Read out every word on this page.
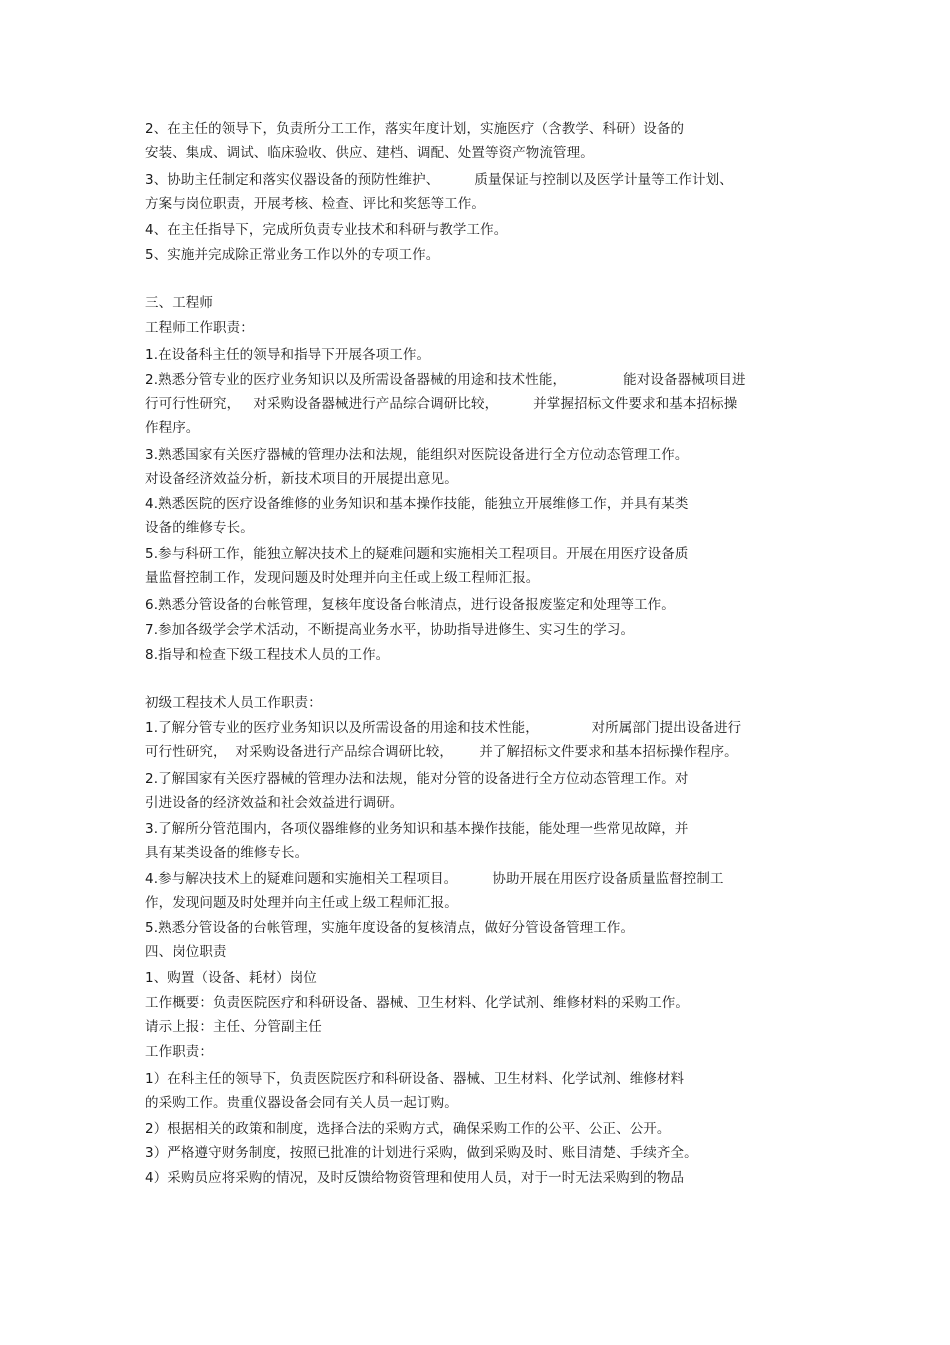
2、在主任的领导下，负责所分工工作，落实年度计划，实施医疗（含教学、科研）设备的
安装、集成、调试、临床验收、供应、建档、调配、处置等资产物流管理。
3、协助主任制定和落实仪器设备的预防性维护、        质量保证与控制以及医学计量等工作计划、
方案与岗位职责，开展考核、检查、评比和奖惩等工作。
4、在主任指导下，完成所负责专业技术和科研与教学工作。
5、实施并完成除正常业务工作以外的专项工作。
三、工程师
工程师工作职责：
1.在设备科主任的领导和指导下开展各项工作。
2.熟悉分管专业的医疗业务知识以及所需设备器械的用途和技术性能，             能对设备器械项目进
行可行性研究，   对采购设备器械进行产品综合调研比较，        并掌握招标文件要求和基本招标操
作程序。
3.熟悉国家有关医疗器械的管理办法和法规，能组织对医院设备进行全方位动态管理工作。
对设备经济效益分析，新技术项目的开展提出意见。
4.熟悉医院的医疗设备维修的业务知识和基本操作技能，能独立开展维修工作，并具有某类
设备的维修专长。
5.参与科研工作，能独立解决技术上的疑难问题和实施相关工程项目。开展在用医疗设备质
量监督控制工作，发现问题及时处理并向主任或上级工程师汇报。
6.熟悉分管设备的台帐管理，复核年度设备台帐清点，进行设备报废鉴定和处理等工作。
7.参加各级学会学术活动，不断提高业务水平，协助指导进修生、实习生的学习。
8.指导和检查下级工程技术人员的工作。
初级工程技术人员工作职责：
1.了解分管专业的医疗业务知识以及所需设备的用途和技术性能，            对所属部门提出设备进行
可行性研究，  对采购设备进行产品综合调研比较，      并了解招标文件要求和基本招标操作程序。
2.了解国家有关医疗器械的管理办法和法规，能对分管的设备进行全方位动态管理工作。对
引进设备的经济效益和社会效益进行调研。
3.了解所分管范围内，各项仪器维修的业务知识和基本操作技能，能处理一些常见故障，并
具有某类设备的维修专长。
4.参与解决技术上的疑难问题和实施相关工程项目。        协助开展在用医疗设备质量监督控制工
作，发现问题及时处理并向主任或上级工程师汇报。
5.熟悉分管设备的台帐管理，实施年度设备的复核清点，做好分管设备管理工作。
四、岗位职责
1、购置（设备、耗材）岗位
工作概要：负责医院医疗和科研设备、器械、卫生材料、化学试剂、维修材料的采购工作。
请示上报：主任、分管副主任
工作职责：
1）在科主任的领导下，负责医院医疗和科研设备、器械、卫生材料、化学试剂、维修材料
的采购工作。贵重仪器设备会同有关人员一起订购。
2）根据相关的政策和制度，选择合法的采购方式，确保采购工作的公平、公正、公开。
3）严格遵守财务制度，按照已批准的计划进行采购，做到采购及时、账目清楚、手续齐全。
4）采购员应将采购的情况，及时反馈给物资管理和使用人员，对于一时无法采购到的物品
